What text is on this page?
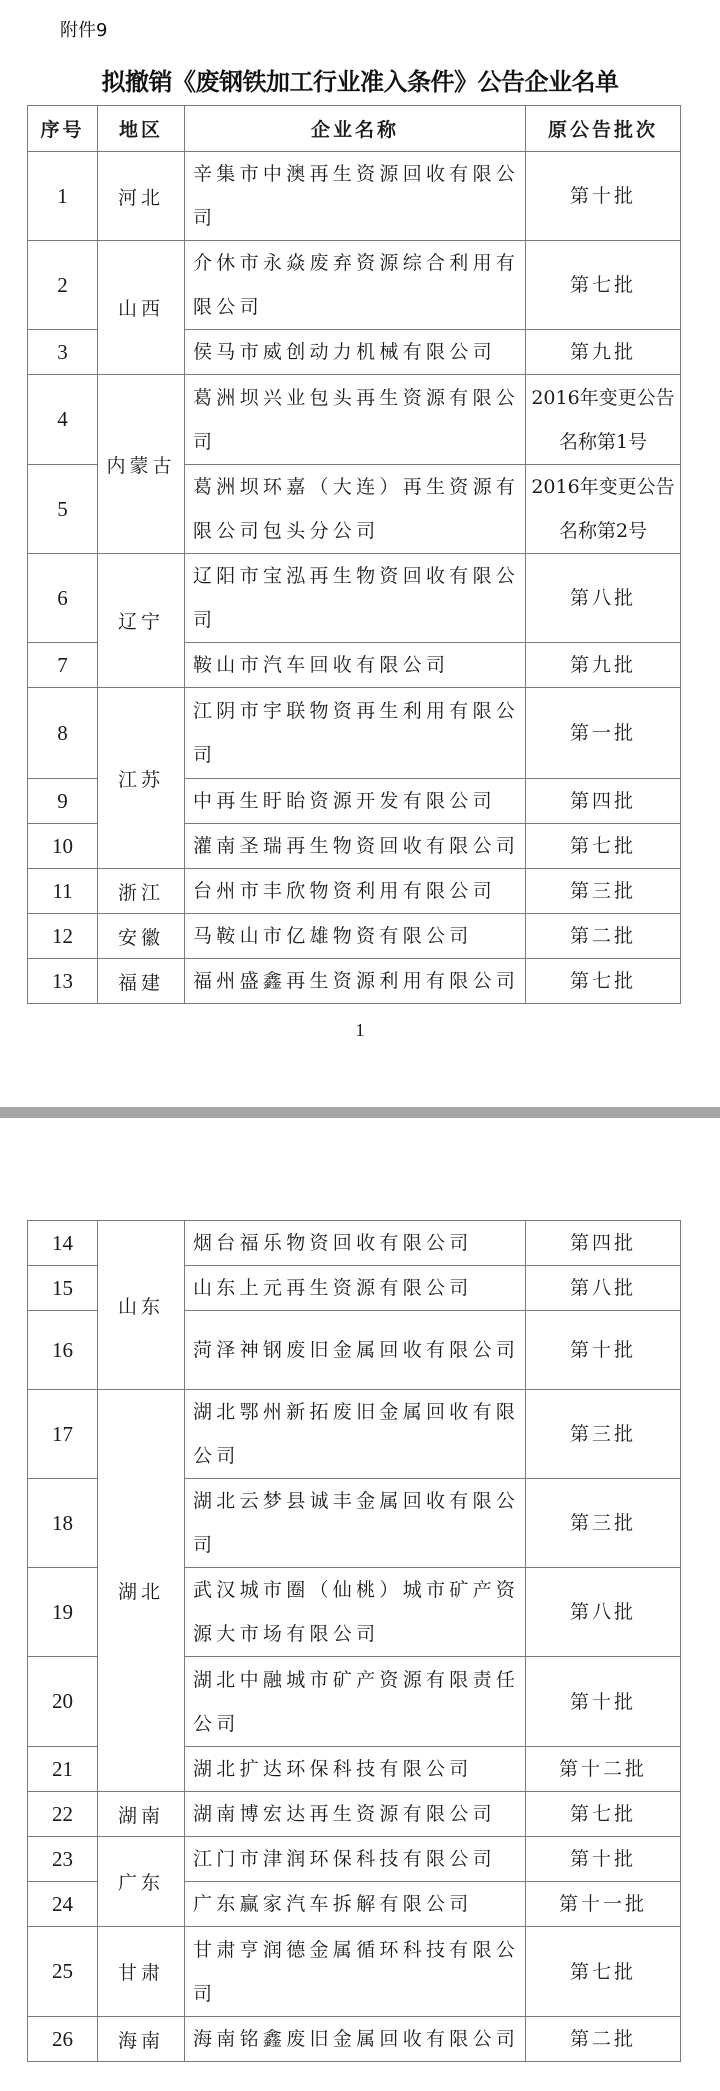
附件9
拟撤销《废钢铁加工行业准入条件》公告企业名单
序号	地区	企业名称	原公告批次
1	河北	辛集市中澳再生资源回收有限公司	第十批
2	山西	介休市永焱废弃资源综合利用有限公司	第七批
3		侯马市威创动力机械有限公司	第九批
4	内蒙古	葛洲坝兴业包头再生资源有限公司	2016年变更公告名称第1号
5		葛洲坝环嘉（大连）再生资源有限公司包头分公司	2016年变更公告名称第2号
6	辽宁	辽阳市宝泓再生物资回收有限公司	第八批
7		鞍山市汽车回收有限公司	第九批
8	江苏	江阴市宇联物资再生利用有限公司	第一批
9		中再生盱眙资源开发有限公司	第四批
10		灌南圣瑞再生物资回收有限公司	第七批
11	浙江	台州市丰欣物资利用有限公司	第三批
12	安徽	马鞍山市亿雄物资有限公司	第二批
13	福建	福州盛鑫再生资源利用有限公司	第七批
1
14	山东	烟台福乐物资回收有限公司	第四批
15		山东上元再生资源有限公司	第八批
16		菏泽神钢废旧金属回收有限公司	第十批
17	湖北	湖北鄂州新拓废旧金属回收有限公司	第三批
18		湖北云梦县诚丰金属回收有限公司	第三批
19		武汉城市圈（仙桃）城市矿产资源大市场有限公司	第八批
20		湖北中融城市矿产资源有限责任公司	第十批
21		湖北扩达环保科技有限公司	第十二批
22	湖南	湖南博宏达再生资源有限公司	第七批
23	广东	江门市津润环保科技有限公司	第十批
24		广东赢家汽车拆解有限公司	第十一批
25	甘肃	甘肃亨润德金属循环科技有限公司	第七批
26	海南	海南铭鑫废旧金属回收有限公司	第二批
